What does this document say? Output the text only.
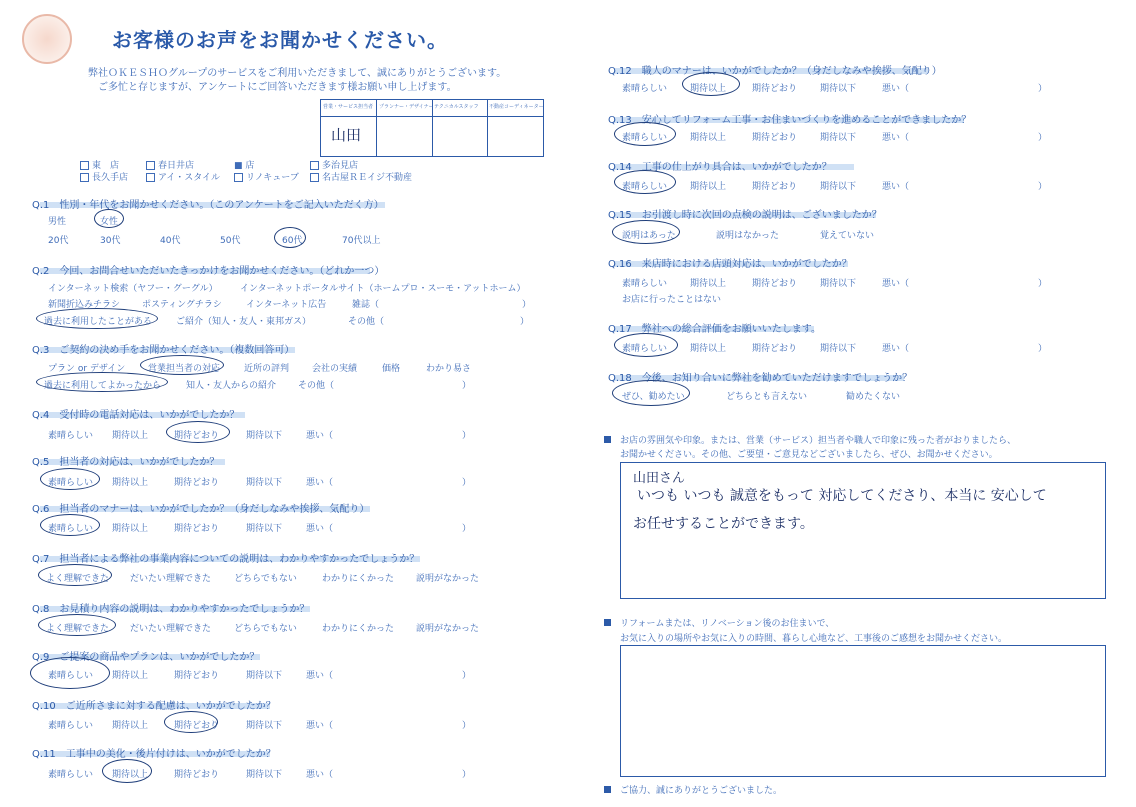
お客様のお声をお聞かせください。
弊社ＯＫＥＳＨＯグループのサービスをご利用いただきまして、誠にありがとうございます。
ご多忙と存じますが、アンケートにご回答いただきます様お願い申し上げます。
営業・サービス担当者 プランナー・デザイナー テクニカルスタッフ 不動産コーディネーター
山田
東　店	春日井店	■ 店	多治見店
長久手店	アイ・スタイル	リノキューブ	名古屋ＲＥイジ不動産
Q.1　性別・年代をお聞かせください。（このアンケートをご記入いただく方）
男性	女性
20代	30代	40代	50代	60代	70代以上
Q.2　今回、お問合せいただいたきっかけをお聞かせください。（どれか一つ）
インターネット検索（ヤフー・グーグル） インターネットポータルサイト（ホームプロ・スーモ・アットホーム）
新聞折込みチラシ ポスティングチラシ	インターネット広告	雑誌（	）
過去に利用したことがある	ご紹介（知人・友人・東邦ガス）	その他（	）
Q.3　ご契約の決め手をお聞かせください。（複数回答可）
プラン or デザイン	営業担当者の対応	近所の評判	会社の実績	価格	わかり易さ
過去に利用してよかったから	知人・友人からの紹介 その他（	）
Q.4　受付時の電話対応は、いかがでしたか？
素晴らしい 期待以上	期待どおり	期待以下	悪い（	）
Q.5　担当者の対応は、いかがでしたか？
素晴らしい 期待以上	期待どおり	期待以下	悪い（	）
Q.6　担当者のマナーは、いかがでしたか？（身だしなみや挨拶、気配り）
素晴らしい 期待以上	期待どおり	期待以下	悪い（	）
Q.7　担当者による弊社の事業内容についての説明は、わかりやすかったでしょうか？
よく理解できた だいたい理解できた	どちらでもない	わかりにくかった 説明がなかった
Q.8　お見積り内容の説明は、わかりやすかったでしょうか？
よく理解できた だいたい理解できた	どちらでもない	わかりにくかった 説明がなかった
Q.9　ご提案の商品やプランは、いかがでしたか？
素晴らしい 期待以上	期待どおり	期待以下	悪い（	）
Q.10　ご近所さまに対する配慮は、いかがでしたか？
素晴らしい 期待以上	期待どおり	期待以下	悪い（	）
Q.11　工事中の美化・後片付けは、いかがでしたか？
素晴らしい 期待以上	期待どおり	期待以下	悪い（	）
Q.12　職人のマナーは、いかがでしたか？（身だしなみや挨拶、気配り）
素晴らしい	期待以上	期待どおり	期待以下	悪い（	）
Q.13　安心してリフォーム工事・お住まいづくりを進めることができましたか？
素晴らしい	期待以上	期待どおり	期待以下	悪い（	）
Q.14　工事の仕上がり具合は、いかがでしたか？
素晴らしい	期待以上	期待どおり	期待以下	悪い（	）
Q.15　お引渡し時に次回の点検の説明は、ございましたか？
説明はあった	説明はなかった	覚えていない
Q.16　来店時における店頭対応は、いかがでしたか？
素晴らしい	期待以上	期待どおり	期待以下	悪い（	）
お店に行ったことはない
Q.17　弊社への総合評価をお願いいたします。
素晴らしい	期待以上	期待どおり	期待以下	悪い（	）
Q.18　今後、お知り合いに弊社を勧めていただけますでしょうか？
ぜひ、勧めたい	どちらとも言えない	勧めたくない
お店の雰囲気や印象。または、営業（サービス）担当者や職人で印象に残った者がおりましたら、
お聞かせください。その他、ご要望・ご意見などございましたら、ぜひ、お聞かせください。
山田さん
いつも いつも 誠意をもって 対応してくださり、本当に 安心して
お任せすることができます。
リフォームまたは、リノベーション後のお住まいで、
お気に入りの場所やお気に入りの時間、暮らし心地など、工事後のご感想をお聞かせください。
ご協力、誠にありがとうございました。
